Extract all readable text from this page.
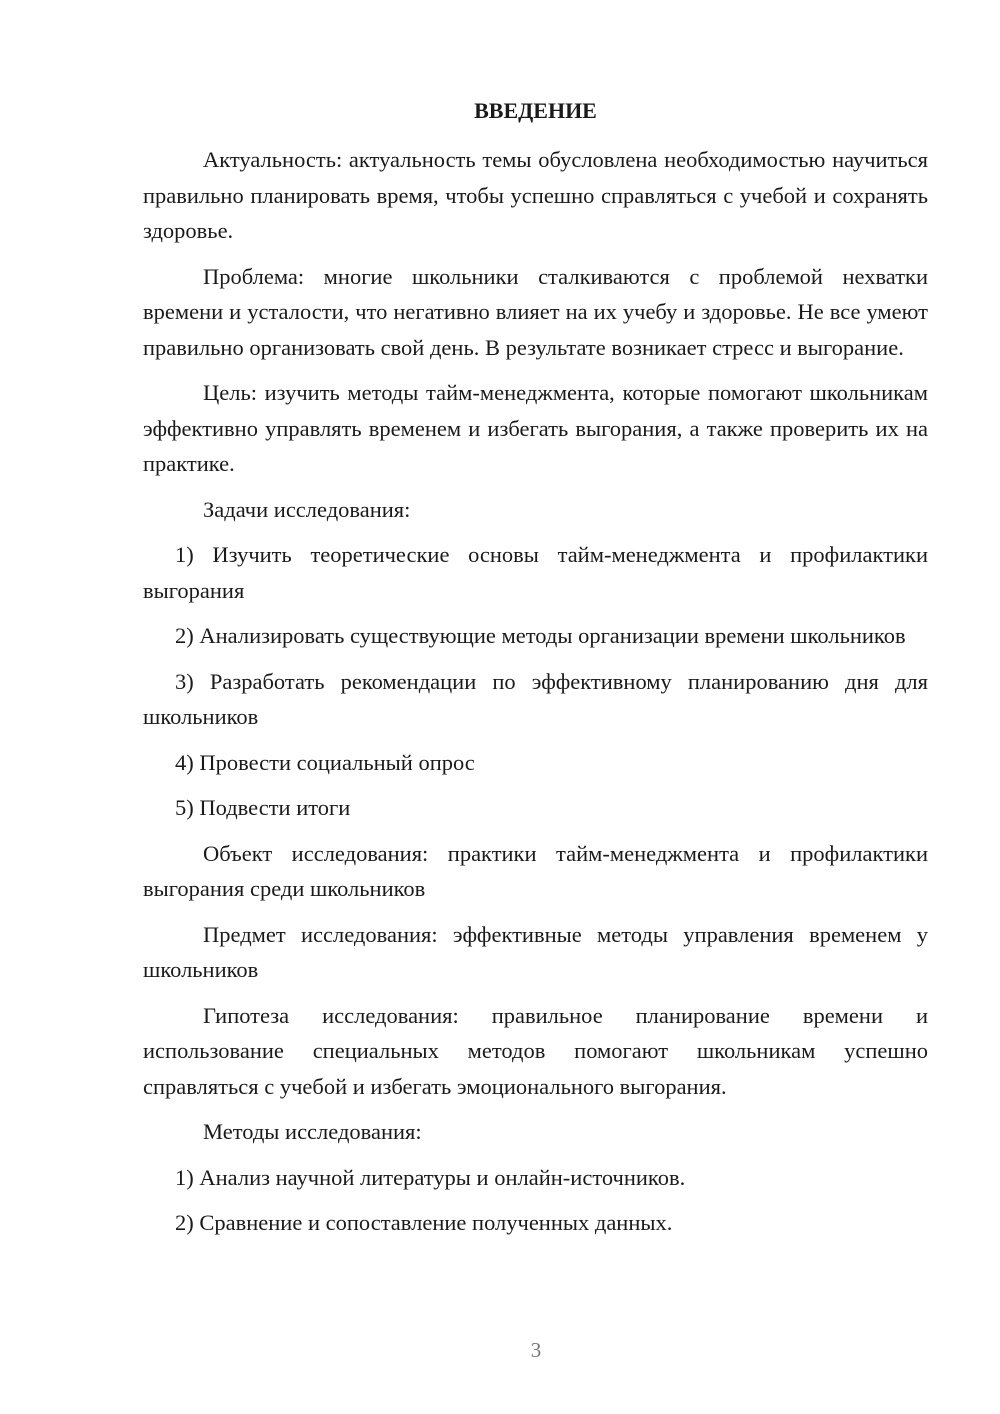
ВВЕДЕНИЕ

Актуальность: актуальность темы обусловлена необходимостью научиться правильно планировать время, чтобы успешно справляться с учебой и сохранять здоровье.

Проблема: многие школьники сталкиваются с проблемой нехватки времени и усталости, что негативно влияет на их учебу и здоровье. Не все умеют правильно организовать свой день. В результате возникает стресс и выгорание.

Цель: изучить методы тайм-менеджмента, которые помогают школьникам эффективно управлять временем и избегать выгорания, а также проверить их на практике.

Задачи исследования:

1) Изучить теоретические основы тайм-менеджмента и профилактики выгорания

2) Анализировать существующие методы организации времени школьников

3) Разработать рекомендации по эффективному планированию дня для школьников

4) Провести социальный опрос

5) Подвести итоги

Объект исследования: практики тайм-менеджмента и профилактики выгорания среди школьников

Предмет исследования: эффективные методы управления временем у школьников

Гипотеза исследования: правильное планирование времени и использование специальных методов помогают школьникам успешно справляться с учебой и избегать эмоционального выгорания.

Методы исследования:

1) Анализ научной литературы и онлайн-источников.

2) Сравнение и сопоставление полученных данных.

3
